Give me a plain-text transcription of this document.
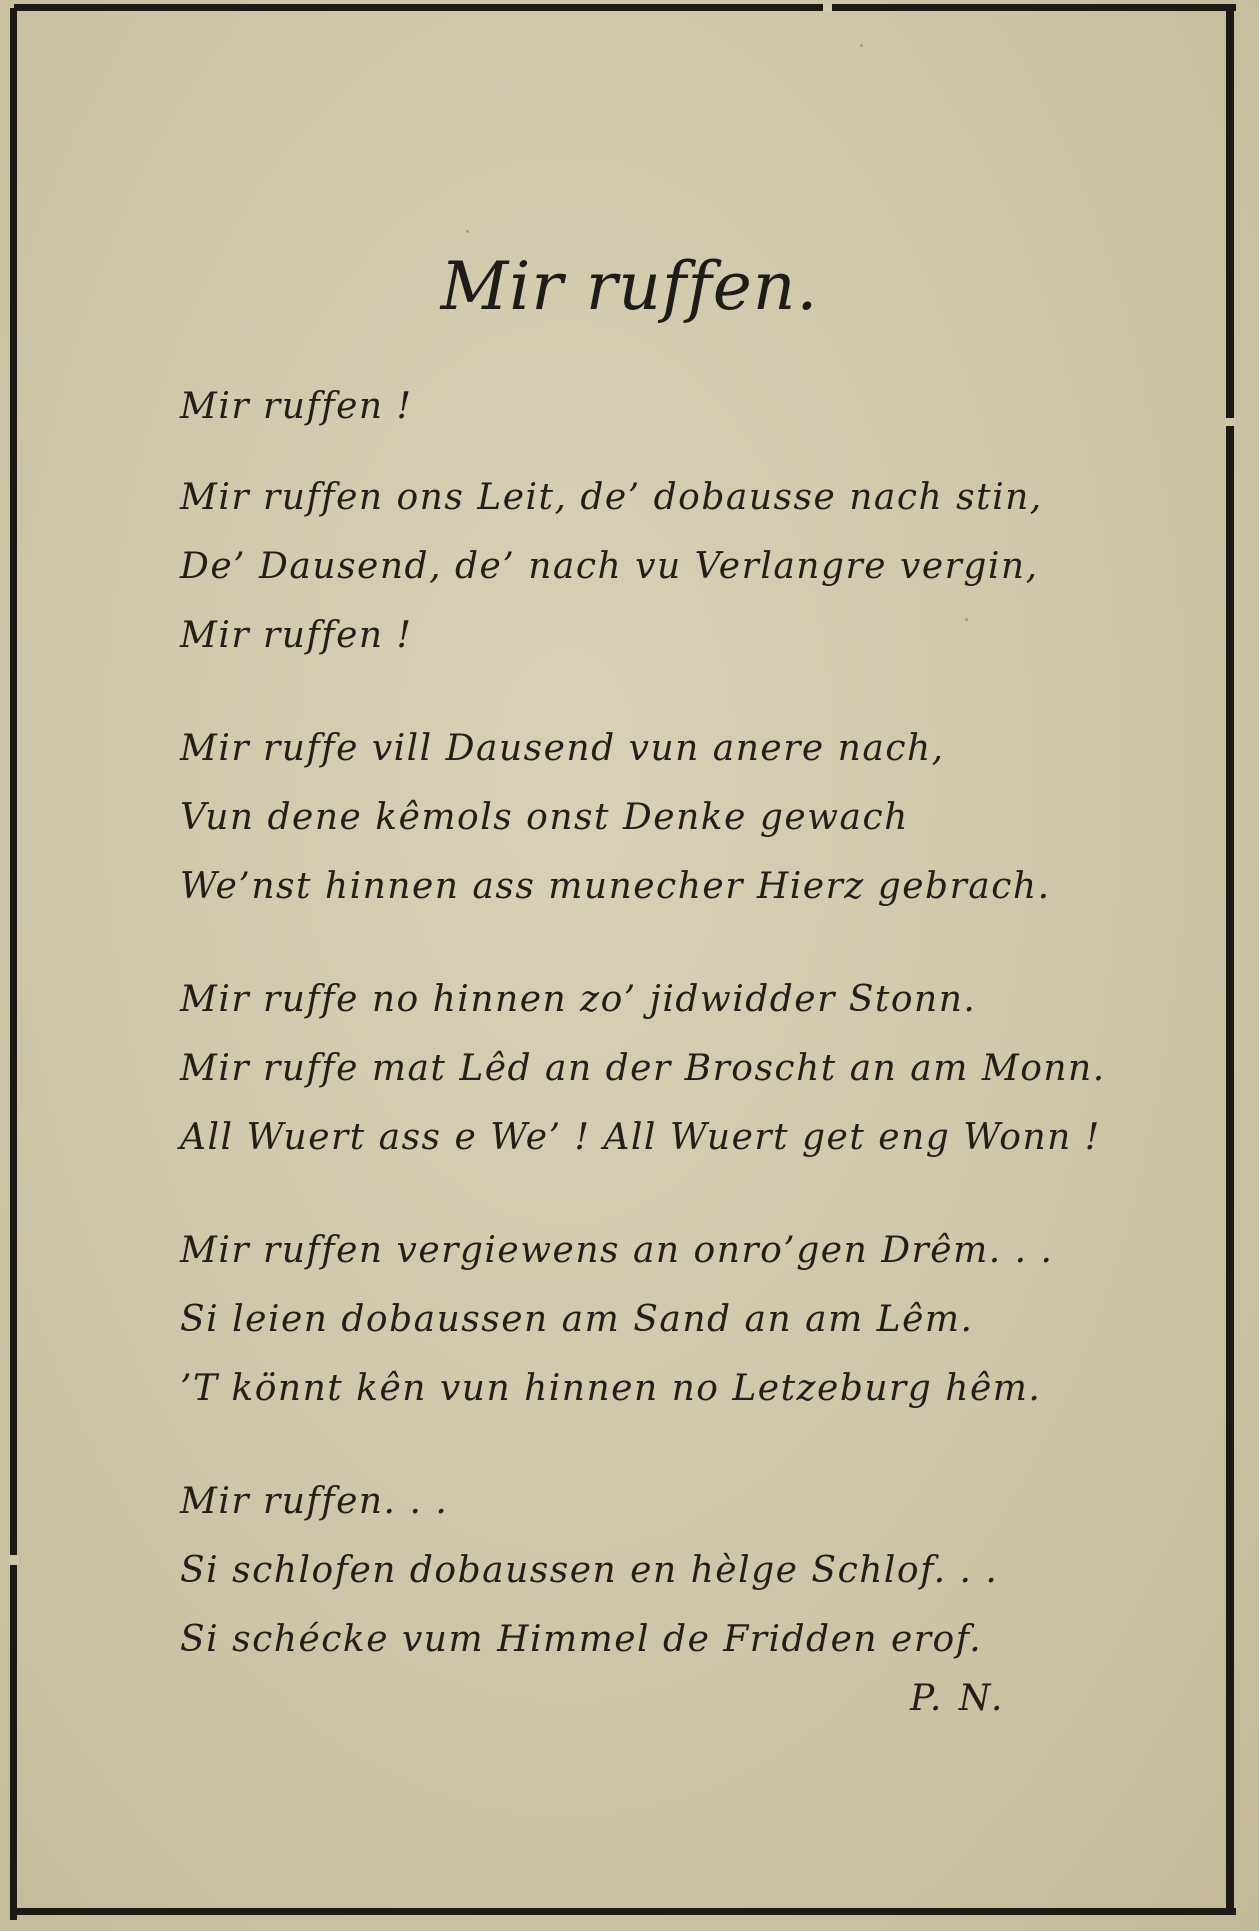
Mir ruffen.
Mir ruffen !
Mir ruffen ons Leit, de’ dobausse nach stin,
De’ Dausend, de’ nach vu Verlangre vergin,
Mir ruffen !
Mir ruffe vill Dausend vun anere nach,
Vun dene kêmols onst Denke gewach
We’nst hinnen ass munecher Hierz gebrach.
Mir ruffe no hinnen zo’ jidwidder Stonn.
Mir ruffe mat Lêd an der Broscht an am Monn.
All Wuert ass e We’ ! All Wuert get eng Wonn !
Mir ruffen vergiewens an onro’gen Drêm. . .
Si leien dobaussen am Sand an am Lêm.
’T könnt kên vun hinnen no Letzeburg hêm.
Mir ruffen. . .
Si schlofen dobaussen en hèlge Schlof. . .
Si schécke vum Himmel de Fridden erof.
P. N.
